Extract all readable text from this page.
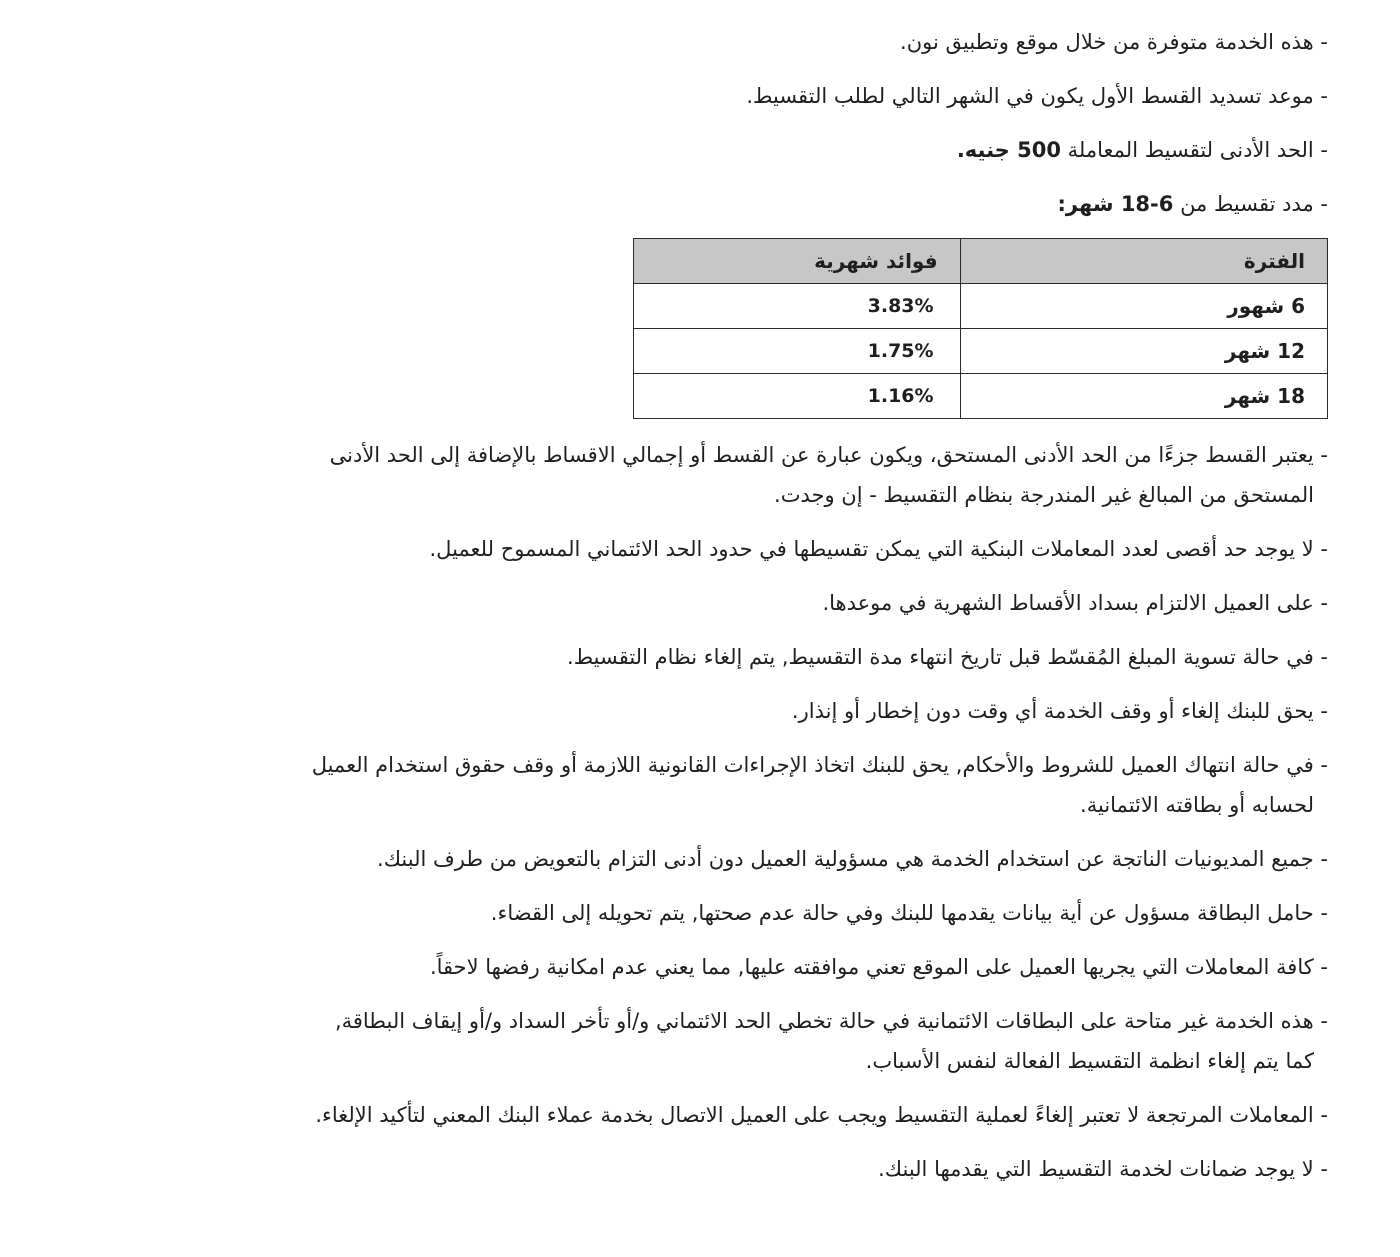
- هذه الخدمة متوفرة من خلال موقع وتطبيق نون.

- موعد تسديد القسط الأول يكون في الشهر التالي لطلب التقسيط.

- الحد الأدنى لتقسيط المعاملة 500 جنيه.

- مدد تقسيط من 6-18 شهر:

الفترة	فوائد شهرية
6 شهور	3.83%
12 شهر	1.75%
18 شهر	1.16%

- يعتبر القسط جزءًا من الحد الأدنى المستحق، ويكون عبارة عن القسط أو إجمالي الاقساط بالإضافة إلى الحد الأدنى
المستحق من المبالغ غير المندرجة بنظام التقسيط - إن وجدت.

- لا يوجد حد أقصى لعدد المعاملات البنكية التي يمكن تقسيطها في حدود الحد الائتماني المسموح للعميل.

- على العميل الالتزام بسداد الأقساط الشهرية في موعدها.

- في حالة تسوية المبلغ المُقسّط قبل تاريخ انتهاء مدة التقسيط, يتم إلغاء نظام التقسيط.

- يحق للبنك إلغاء أو وقف الخدمة أي وقت دون إخطار أو إنذار.

- في حالة انتهاك العميل للشروط والأحكام, يحق للبنك اتخاذ الإجراءات القانونية اللازمة أو وقف حقوق استخدام العميل
لحسابه أو بطاقته الائتمانية.

- جميع المديونيات الناتجة عن استخدام الخدمة هي مسؤولية العميل دون أدنى التزام بالتعويض من طرف البنك.

- حامل البطاقة مسؤول عن أية بيانات يقدمها للبنك وفي حالة عدم صحتها, يتم تحويله إلى القضاء.

- كافة المعاملات التي يجريها العميل على الموقع تعني موافقته عليها, مما يعني عدم امكانية رفضها لاحقاً.

- هذه الخدمة غير متاحة على البطاقات الائتمانية في حالة تخطي الحد الائتماني و/أو تأخر السداد و/أو إيقاف البطاقة,
كما يتم إلغاء انظمة التقسيط الفعالة لنفس الأسباب.

- المعاملات المرتجعة لا تعتبر إلغاءً لعملية التقسيط ويجب على العميل الاتصال بخدمة عملاء البنك المعني لتأكيد الإلغاء.

- لا يوجد ضمانات لخدمة التقسيط التي يقدمها البنك.
